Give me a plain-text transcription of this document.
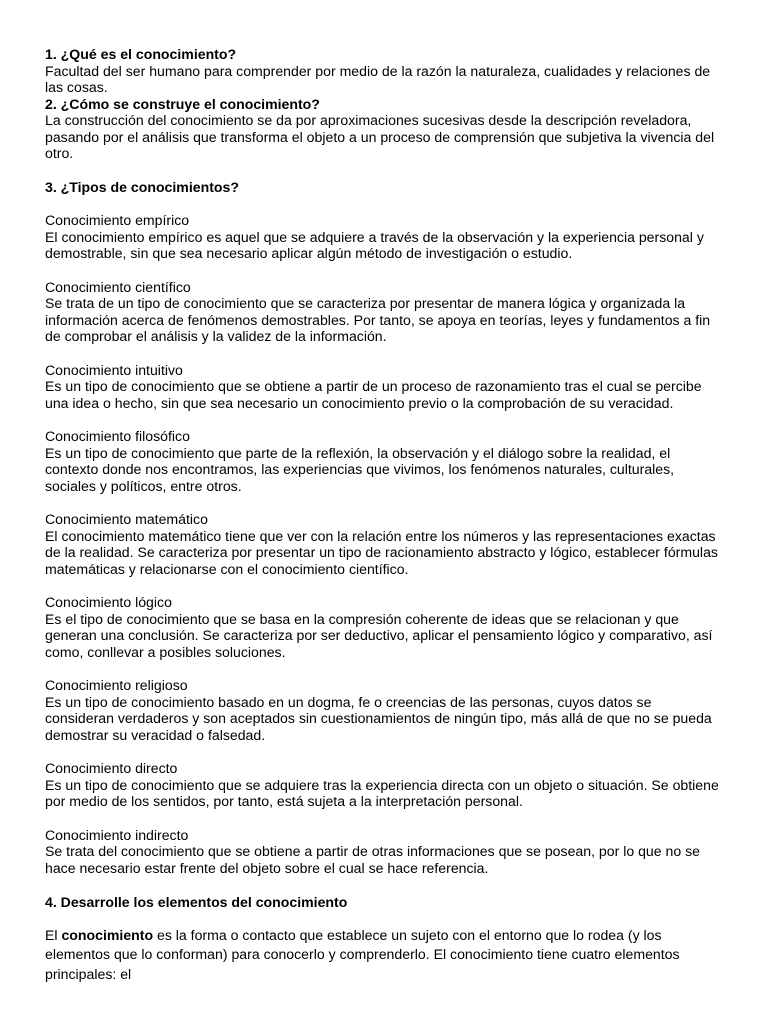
1. ¿Qué es el conocimiento?

Facultad del ser humano para comprender por medio de la razón la naturaleza, cualidades y relaciones de las cosas.

2. ¿Cómo se construye el conocimiento?

La construcción del conocimiento se da por aproximaciones sucesivas desde la descripción reveladora, pasando por el análisis que transforma el objeto a un proceso de comprensión que subjetiva la vivencia del otro.

3. ¿Tipos de conocimientos?

Conocimiento empírico

El conocimiento empírico es aquel que se adquiere a través de la observación y la experiencia personal y demostrable, sin que sea necesario aplicar algún método de investigación o estudio.

Conocimiento científico

Se trata de un tipo de conocimiento que se caracteriza por presentar de manera lógica y organizada la información acerca de fenómenos demostrables. Por tanto, se apoya en teorías, leyes y fundamentos a fin de comprobar el análisis y la validez de la información.

Conocimiento intuitivo

Es un tipo de conocimiento que se obtiene a partir de un proceso de razonamiento tras el cual se percibe una idea o hecho, sin que sea necesario un conocimiento previo o la comprobación de su veracidad.

Conocimiento filosófico

Es un tipo de conocimiento que parte de la reflexión, la observación y el diálogo sobre la realidad, el contexto donde nos encontramos, las experiencias que vivimos, los fenómenos naturales, culturales, sociales y políticos, entre otros.

Conocimiento matemático

El conocimiento matemático tiene que ver con la relación entre los números y las representaciones exactas de la realidad. Se caracteriza por presentar un tipo de racionamiento abstracto y lógico, establecer fórmulas matemáticas y relacionarse con el conocimiento científico.

Conocimiento lógico

Es el tipo de conocimiento que se basa en la compresión coherente de ideas que se relacionan y que generan una conclusión. Se caracteriza por ser deductivo, aplicar el pensamiento lógico y comparativo, así como, conllevar a posibles soluciones.

Conocimiento religioso

Es un tipo de conocimiento basado en un dogma, fe o creencias de las personas, cuyos datos se consideran verdaderos y son aceptados sin cuestionamientos de ningún tipo, más allá de que no se pueda demostrar su veracidad o falsedad.

Conocimiento directo

Es un tipo de conocimiento que se adquiere tras la experiencia directa con un objeto o situación. Se obtiene por medio de los sentidos, por tanto, está sujeta a la interpretación personal.

Conocimiento indirecto

Se trata del conocimiento que se obtiene a partir de otras informaciones que se posean, por lo que no se hace necesario estar frente del objeto sobre el cual se hace referencia.

4. Desarrolle los elementos del conocimiento

El conocimiento es la forma o contacto que establece un sujeto con el entorno que lo rodea (y los elementos que lo conforman) para conocerlo y comprenderlo. El conocimiento tiene cuatro elementos principales: el
